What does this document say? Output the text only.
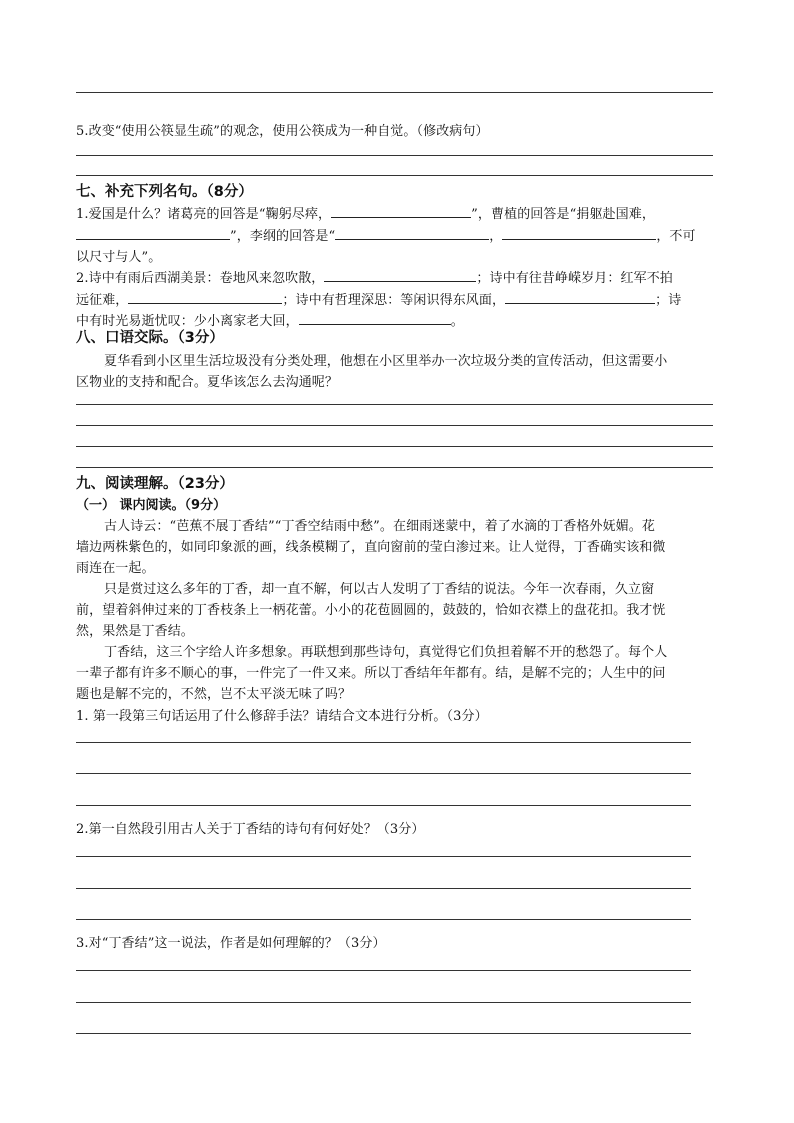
5.改变“使用公筷显生疏”的观念，使用公筷成为一种自觉。（修改病句）
七、补充下列名句。（8分）
1.爱国是什么？诸葛亮的回答是“鞠躬尽瘁，	”，曹植的回答是“捐躯赴国难，
”，李纲的回答是“	，	，不可
以尺寸与人”。
2.诗中有雨后西湖美景：卷地风来忽吹散，	；诗中有往昔峥嵘岁月：红军不拍
远征难，	；诗中有哲理深思：等闲识得东风面，	；诗
中有时光易逝忧叹：少小离家老大回，	。
八、口语交际。（3分）
夏华看到小区里生活垃圾没有分类处理，他想在小区里举办一次垃圾分类的宣传活动，但这需要小
区物业的支持和配合。夏华该怎么去沟通呢？
九、阅读理解。（23分）
（一） 课内阅读。（9分）
古人诗云：“芭蕉不展丁香结”“丁香空结雨中愁”。在细雨迷蒙中，着了水滴的丁香格外妩媚。花
墙边两株紫色的，如同印象派的画，线条模糊了，直向窗前的莹白渗过来。让人觉得，丁香确实该和微
雨连在一起。
只是赏过这么多年的丁香，却一直不解，何以古人发明了丁香结的说法。今年一次春雨，久立窗
前，望着斜伸过来的丁香枝条上一柄花蕾。小小的花苞圆圆的，鼓鼓的，恰如衣襟上的盘花扣。我才恍
然，果然是丁香结。
丁香结，这三个字给人许多想象。再联想到那些诗句，真觉得它们负担着解不开的愁怨了。每个人
一辈子都有许多不顺心的事，一件完了一件又来。所以丁香结年年都有。结，是解不完的；人生中的问
题也是解不完的，不然，岂不太平淡无味了吗？
1. 第一段第三句话运用了什么修辞手法？请结合文本进行分析。（3分）
2.第一自然段引用古人关于丁香结的诗句有何好处？（3分）
3.对“丁香结”这一说法，作者是如何理解的？（3分）
